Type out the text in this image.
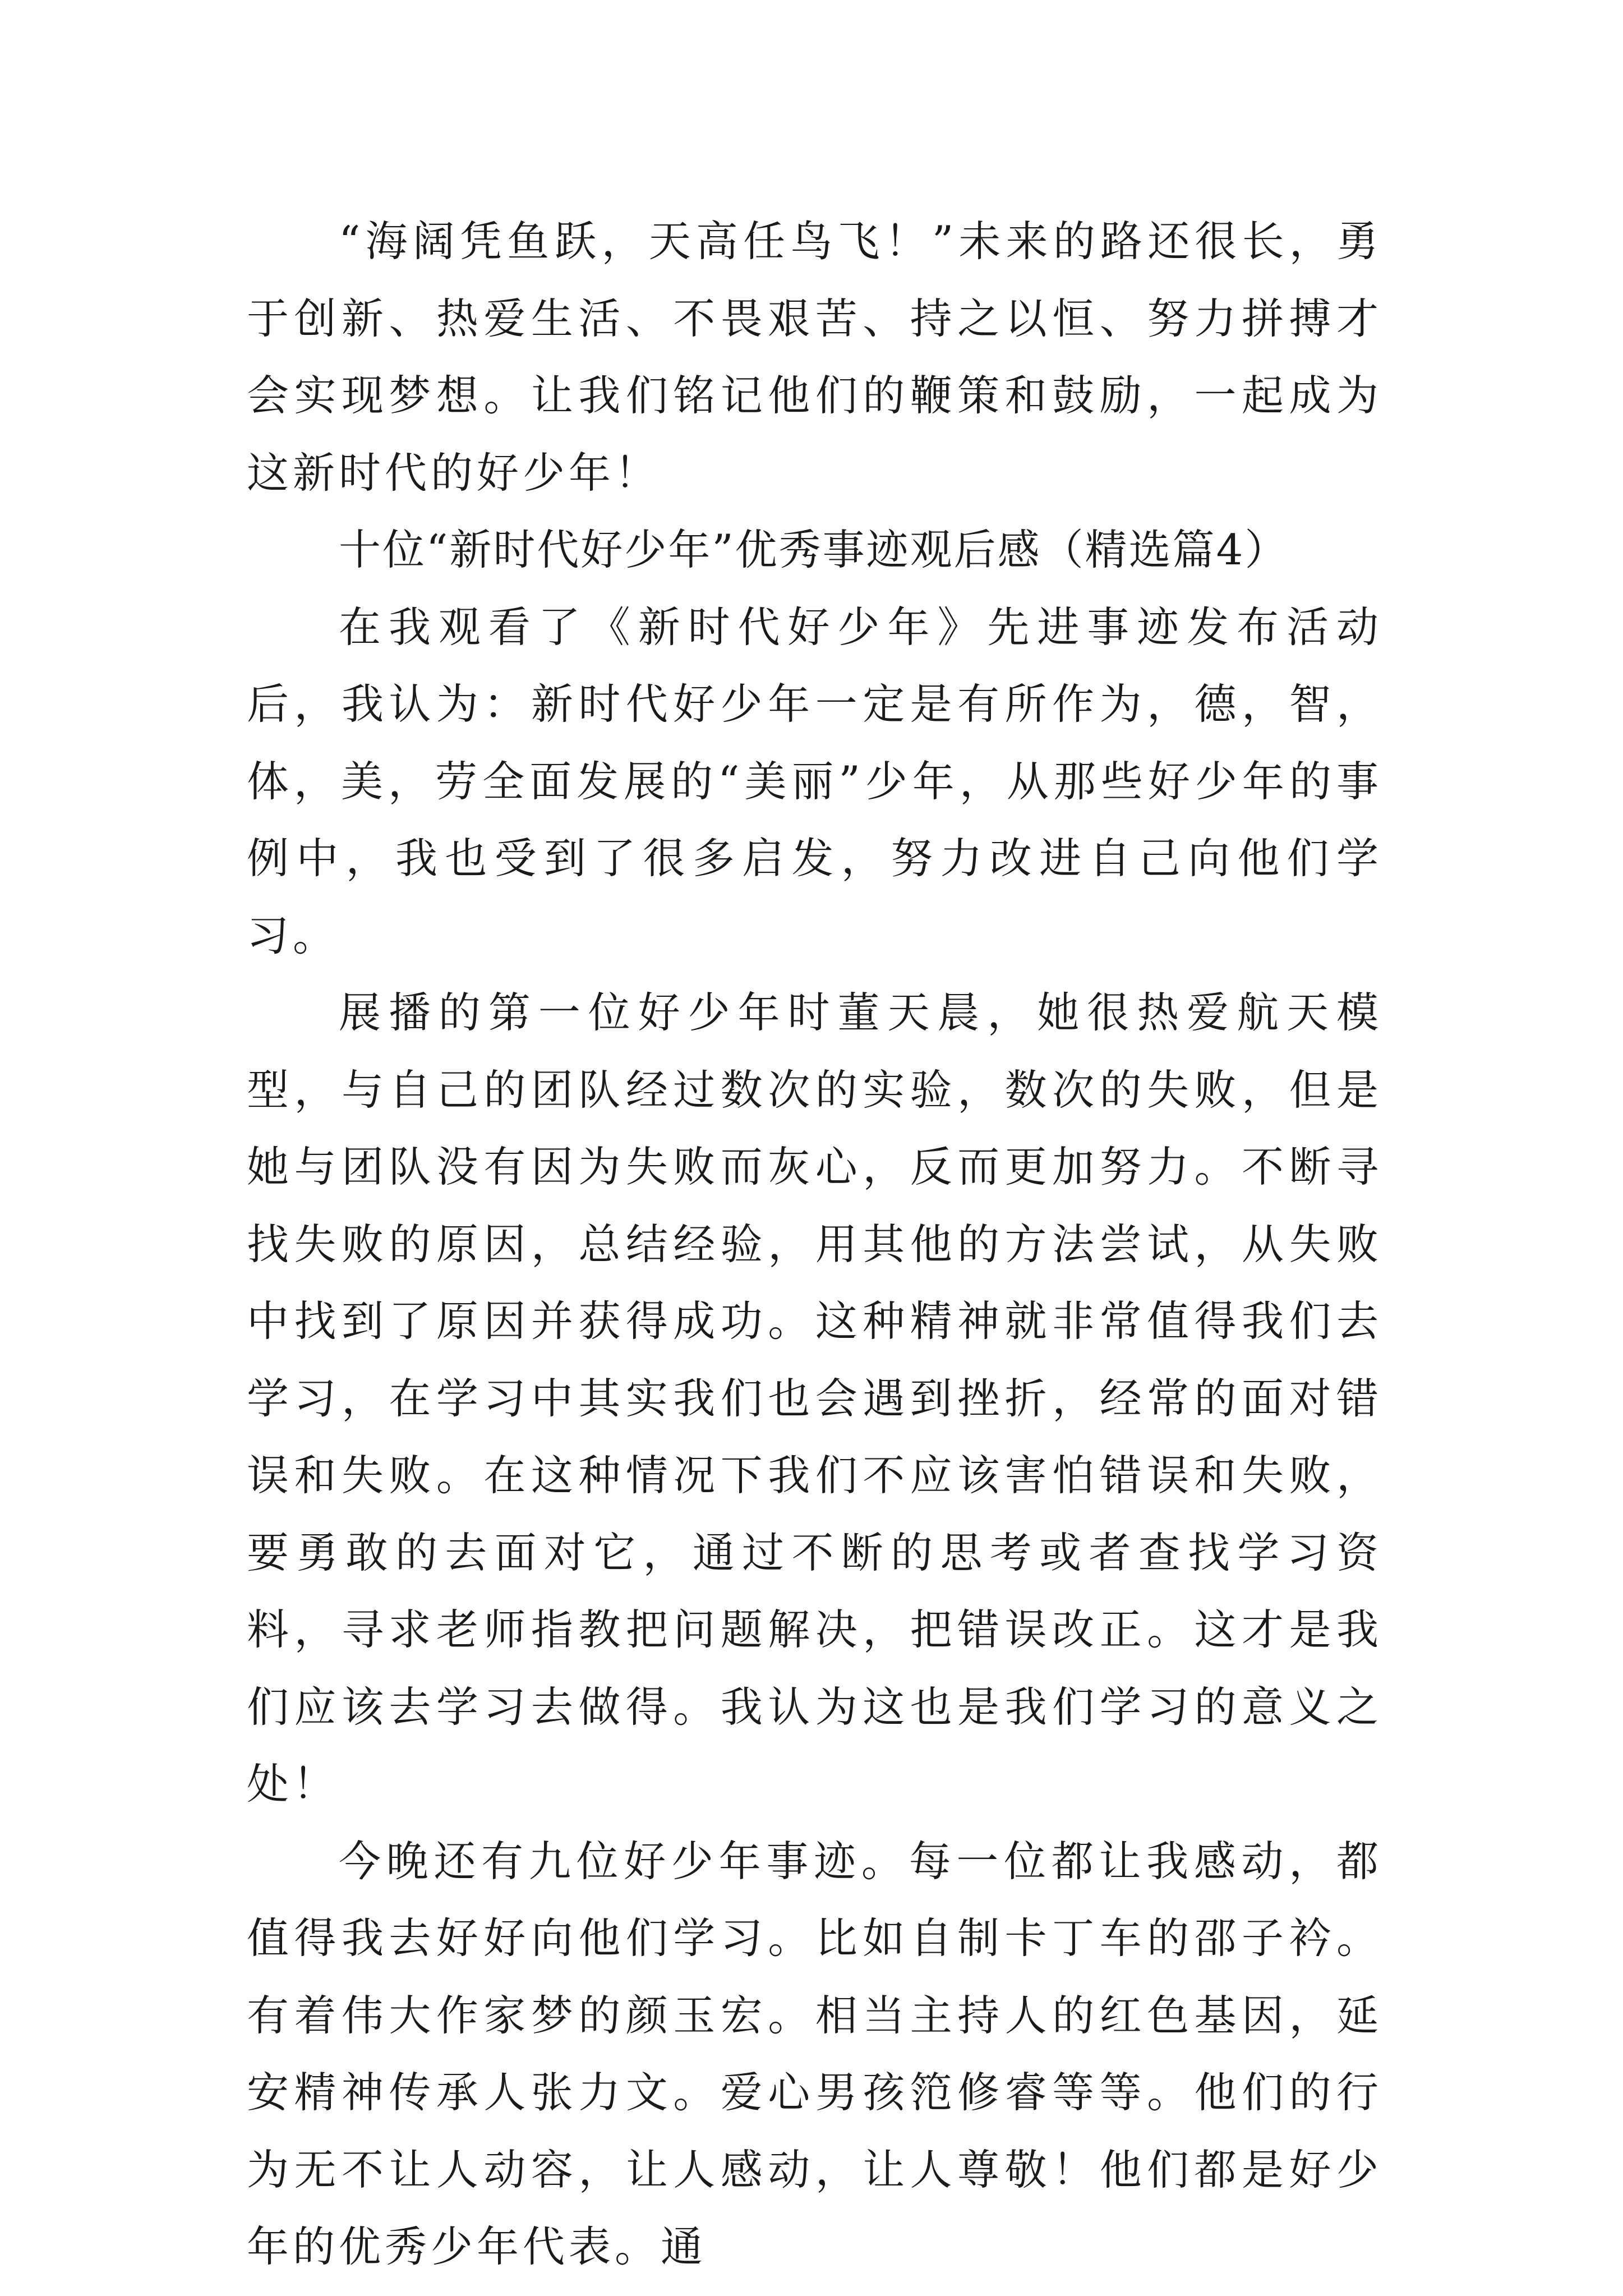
“海阔凭鱼跃，天高任鸟飞！”未来的路还很长，勇于创新、热爱生活、不畏艰苦、持之以恒、努力拼搏才会实现梦想。让我们铭记他们的鞭策和鼓励，一起成为这新时代的好少年！

十位“新时代好少年”优秀事迹观后感（精选篇4）

在我观看了《新时代好少年》先进事迹发布活动后，我认为：新时代好少年一定是有所作为，德，智，体，美，劳全面发展的“美丽”少年，从那些好少年的事例中，我也受到了很多启发，努力改进自己向他们学习。

展播的第一位好少年时董天晨，她很热爱航天模型，与自己的团队经过数次的实验，数次的失败，但是她与团队没有因为失败而灰心，反而更加努力。不断寻找失败的原因，总结经验，用其他的方法尝试，从失败中找到了原因并获得成功。这种精神就非常值得我们去学习，在学习中其实我们也会遇到挫折，经常的面对错误和失败。在这种情况下我们不应该害怕错误和失败，要勇敢的去面对它，通过不断的思考或者查找学习资料，寻求老师指教把问题解决，把错误改正。这才是我们应该去学习去做得。我认为这也是我们学习的意义之处！

今晚还有九位好少年事迹。每一位都让我感动，都值得我去好好向他们学习。比如自制卡丁车的邵子衿。有着伟大作家梦的颜玉宏。相当主持人的红色基因，延安精神传承人张力文。爱心男孩笵修睿等等。他们的行为无不让人动容，让人感动，让人尊敬！他们都是好少年的优秀少年代表。通
